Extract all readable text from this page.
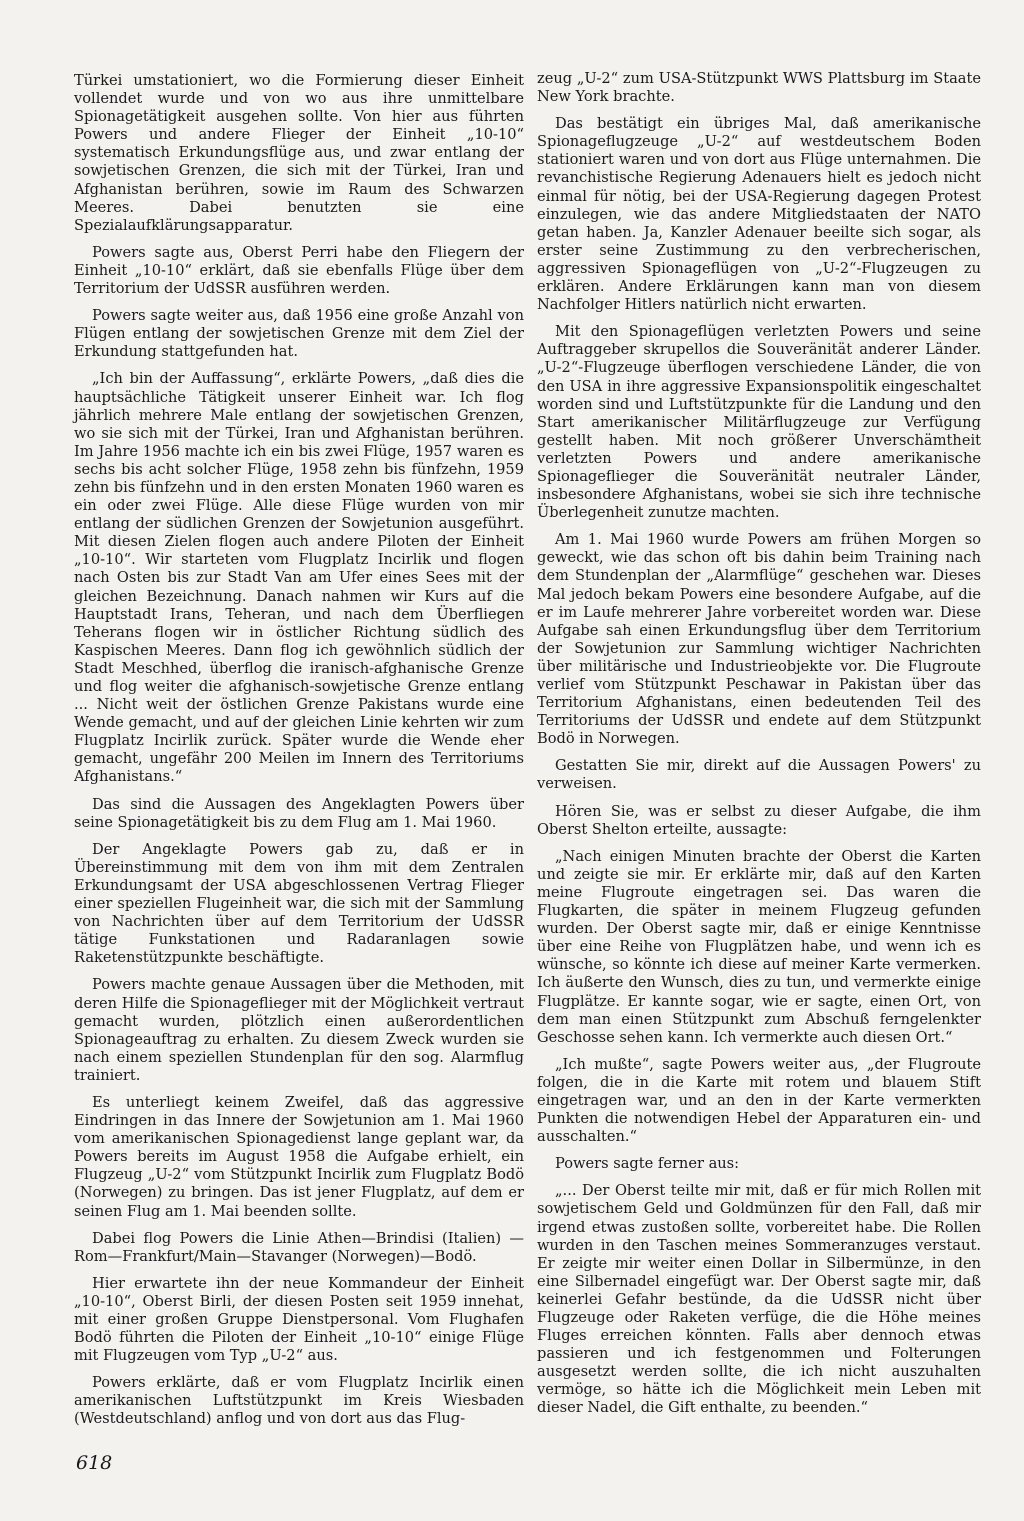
Türkei umstationiert, wo die Formierung dieser Einheit vollendet wurde und von wo aus ihre unmittelbare Spionagetätigkeit ausgehen sollte. Von hier aus führten Powers und andere Flieger der Einheit „10-10“ systematisch Erkundungsflüge aus, und zwar entlang der sowjetischen Grenzen, die sich mit der Türkei, Iran und Afghanistan berühren, sowie im Raum des Schwarzen Meeres. Dabei benutzten sie eine Spezialaufklärungsapparatur.

Powers sagte aus, Oberst Perri habe den Fliegern der Einheit „10-10“ erklärt, daß sie ebenfalls Flüge über dem Territorium der UdSSR ausführen werden.

Powers sagte weiter aus, daß 1956 eine große Anzahl von Flügen entlang der sowjetischen Grenze mit dem Ziel der Erkundung stattgefunden hat.

„Ich bin der Auffassung“, erklärte Powers, „daß dies die hauptsächliche Tätigkeit unserer Einheit war. Ich flog jährlich mehrere Male entlang der sowjetischen Grenzen, wo sie sich mit der Türkei, Iran und Afghanistan berühren. Im Jahre 1956 machte ich ein bis zwei Flüge, 1957 waren es sechs bis acht solcher Flüge, 1958 zehn bis fünfzehn, 1959 zehn bis fünfzehn und in den ersten Monaten 1960 waren es ein oder zwei Flüge. Alle diese Flüge wurden von mir entlang der südlichen Grenzen der Sowjetunion ausgeführt. Mit diesen Zielen flogen auch andere Piloten der Einheit „10-10“. Wir starteten vom Flugplatz Incirlik und flogen nach Osten bis zur Stadt Van am Ufer eines Sees mit der gleichen Bezeichnung. Danach nahmen wir Kurs auf die Hauptstadt Irans, Teheran, und nach dem Überfliegen Teherans flogen wir in östlicher Richtung südlich des Kaspischen Meeres. Dann flog ich gewöhnlich südlich der Stadt Meschhed, überflog die iranisch-afghanische Grenze und flog weiter die afghanisch-sowjetische Grenze entlang ... Nicht weit der östlichen Grenze Pakistans wurde eine Wende gemacht, und auf der gleichen Linie kehrten wir zum Flugplatz Incirlik zurück. Später wurde die Wende eher gemacht, ungefähr 200 Meilen im Innern des Territoriums Afghanistans.“

Das sind die Aussagen des Angeklagten Powers über seine Spionagetätigkeit bis zu dem Flug am 1. Mai 1960.

Der Angeklagte Powers gab zu, daß er in Übereinstimmung mit dem von ihm mit dem Zentralen Erkundungsamt der USA abgeschlossenen Vertrag Flieger einer speziellen Flugeinheit war, die sich mit der Sammlung von Nachrichten über auf dem Territorium der UdSSR tätige Funkstationen und Radaranlagen sowie Raketenstützpunkte beschäftigte.

Powers machte genaue Aussagen über die Methoden, mit deren Hilfe die Spionageflieger mit der Möglichkeit vertraut gemacht wurden, plötzlich einen außerordentlichen Spionageauftrag zu erhalten. Zu diesem Zweck wurden sie nach einem speziellen Stundenplan für den sog. Alarmflug trainiert.

Es unterliegt keinem Zweifel, daß das aggressive Eindringen in das Innere der Sowjetunion am 1. Mai 1960 vom amerikanischen Spionagedienst lange geplant war, da Powers bereits im August 1958 die Aufgabe erhielt, ein Flugzeug „U-2“ vom Stützpunkt Incirlik zum Flugplatz Bodö (Norwegen) zu bringen. Das ist jener Flugplatz, auf dem er seinen Flug am 1. Mai beenden sollte.

Dabei flog Powers die Linie Athen—Brindisi (Italien) —Rom—Frankfurt/Main—Stavanger (Norwegen)—Bodö.

Hier erwartete ihn der neue Kommandeur der Einheit „10-10“, Oberst Birli, der diesen Posten seit 1959 innehat, mit einer großen Gruppe Dienstpersonal. Vom Flughafen Bodö führten die Piloten der Einheit „10-10“ einige Flüge mit Flugzeugen vom Typ „U-2“ aus.

Powers erklärte, daß er vom Flugplatz Incirlik einen amerikanischen Luftstützpunkt im Kreis Wiesbaden (Westdeutschland) anflog und von dort aus das Flug-

zeug „U-2“ zum USA-Stützpunkt WWS Plattsburg im Staate New York brachte.

Das bestätigt ein übriges Mal, daß amerikanische Spionageflugzeuge „U-2“ auf westdeutschem Boden stationiert waren und von dort aus Flüge unternahmen. Die revanchistische Regierung Adenauers hielt es jedoch nicht einmal für nötig, bei der USA-Regierung dagegen Protest einzulegen, wie das andere Mitgliedstaaten der NATO getan haben. Ja, Kanzler Adenauer beeilte sich sogar, als erster seine Zustimmung zu den verbrecherischen, aggressiven Spionageflügen von „U-2“-Flugzeugen zu erklären. Andere Erklärungen kann man von diesem Nachfolger Hitlers natürlich nicht erwarten.

Mit den Spionageflügen verletzten Powers und seine Auftraggeber skrupellos die Souveränität anderer Länder. „U-2“-Flugzeuge überflogen verschiedene Länder, die von den USA in ihre aggressive Expansionspolitik eingeschaltet worden sind und Luftstützpunkte für die Landung und den Start amerikanischer Militärflugzeuge zur Verfügung gestellt haben. Mit noch größerer Unverschämtheit verletzten Powers und andere amerikanische Spionageflieger die Souveränität neutraler Länder, insbesondere Afghanistans, wobei sie sich ihre technische Überlegenheit zunutze machten.

Am 1. Mai 1960 wurde Powers am frühen Morgen so geweckt, wie das schon oft bis dahin beim Training nach dem Stundenplan der „Alarmflüge“ geschehen war. Dieses Mal jedoch bekam Powers eine besondere Aufgabe, auf die er im Laufe mehrerer Jahre vorbereitet worden war. Diese Aufgabe sah einen Erkundungsflug über dem Territorium der Sowjetunion zur Sammlung wichtiger Nachrichten über militärische und Industrieobjekte vor. Die Flugroute verlief vom Stützpunkt Peschawar in Pakistan über das Territorium Afghanistans, einen bedeutenden Teil des Territoriums der UdSSR und endete auf dem Stützpunkt Bodö in Norwegen.

Gestatten Sie mir, direkt auf die Aussagen Powers' zu verweisen.

Hören Sie, was er selbst zu dieser Aufgabe, die ihm Oberst Shelton erteilte, aussagte:

„Nach einigen Minuten brachte der Oberst die Karten und zeigte sie mir. Er erklärte mir, daß auf den Karten meine Flugroute eingetragen sei. Das waren die Flugkarten, die später in meinem Flugzeug gefunden wurden. Der Oberst sagte mir, daß er einige Kenntnisse über eine Reihe von Flugplätzen habe, und wenn ich es wünsche, so könnte ich diese auf meiner Karte vermerken. Ich äußerte den Wunsch, dies zu tun, und vermerkte einige Flugplätze. Er kannte sogar, wie er sagte, einen Ort, von dem man einen Stützpunkt zum Abschuß ferngelenkter Geschosse sehen kann. Ich vermerkte auch diesen Ort.“

„Ich mußte“, sagte Powers weiter aus, „der Flugroute folgen, die in die Karte mit rotem und blauem Stift eingetragen war, und an den in der Karte vermerkten Punkten die notwendigen Hebel der Apparaturen ein- und ausschalten.“

Powers sagte ferner aus:

„... Der Oberst teilte mir mit, daß er für mich Rollen mit sowjetischem Geld und Goldmünzen für den Fall, daß mir irgend etwas zustoßen sollte, vorbereitet habe. Die Rollen wurden in den Taschen meines Sommeranzuges verstaut. Er zeigte mir weiter einen Dollar in Silbermünze, in den eine Silbernadel eingefügt war. Der Oberst sagte mir, daß keinerlei Gefahr bestünde, da die UdSSR nicht über Flugzeuge oder Raketen verfüge, die die Höhe meines Fluges erreichen könnten. Falls aber dennoch etwas passieren und ich festgenommen und Folterungen ausgesetzt werden sollte, die ich nicht auszuhalten vermöge, so hätte ich die Möglichkeit mein Leben mit dieser Nadel, die Gift enthalte, zu beenden.“

618
